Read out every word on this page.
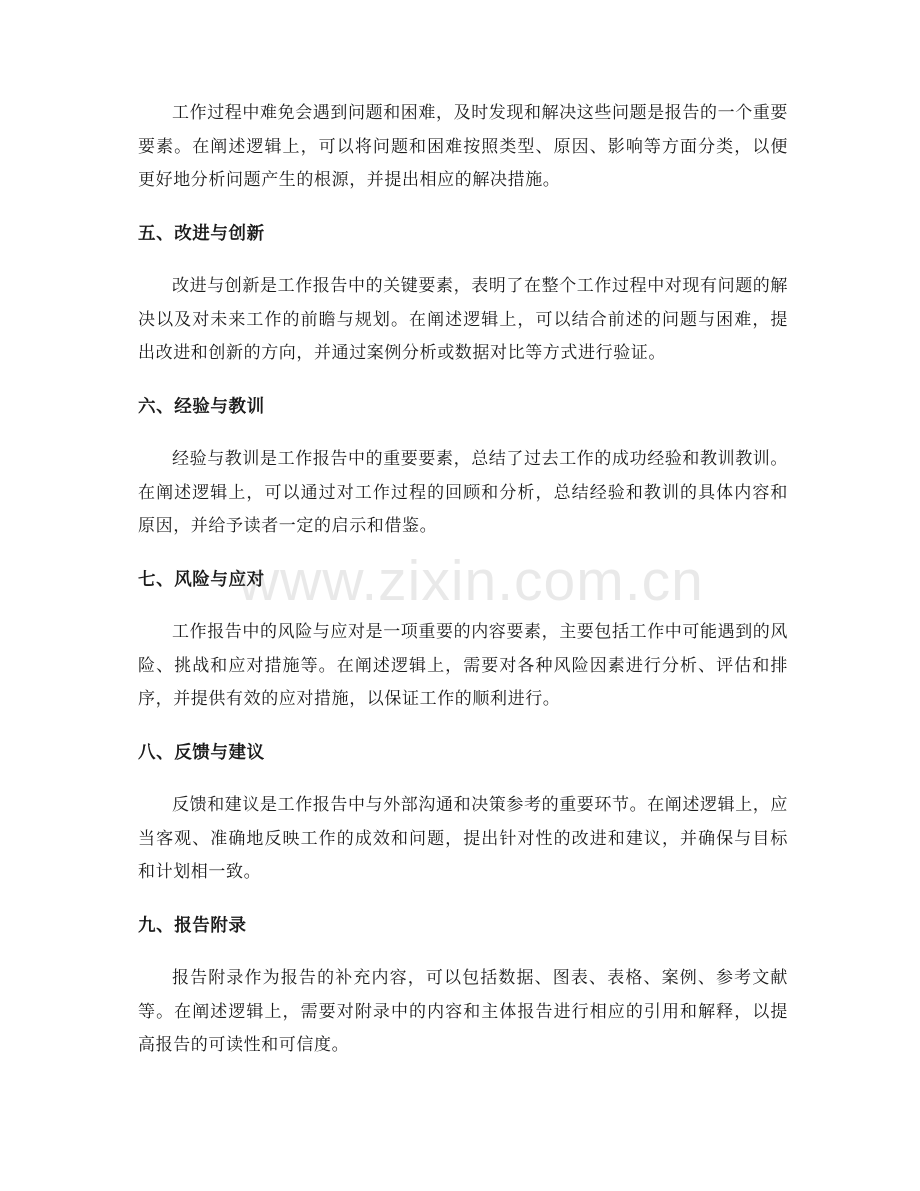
工作过程中难免会遇到问题和困难，及时发现和解决这些问题是报告的一个重要要素。在阐述逻辑上，可以将问题和困难按照类型、原因、影响等方面分类，以便更好地分析问题产生的根源，并提出相应的解决措施。

五、改进与创新

改进与创新是工作报告中的关键要素，表明了在整个工作过程中对现有问题的解决以及对未来工作的前瞻与规划。在阐述逻辑上，可以结合前述的问题与困难，提出改进和创新的方向，并通过案例分析或数据对比等方式进行验证。

六、经验与教训

经验与教训是工作报告中的重要要素，总结了过去工作的成功经验和教训教训。在阐述逻辑上，可以通过对工作过程的回顾和分析，总结经验和教训的具体内容和原因，并给予读者一定的启示和借鉴。

七、风险与应对

工作报告中的风险与应对是一项重要的内容要素，主要包括工作中可能遇到的风险、挑战和应对措施等。在阐述逻辑上，需要对各种风险因素进行分析、评估和排序，并提供有效的应对措施，以保证工作的顺利进行。

八、反馈与建议

反馈和建议是工作报告中与外部沟通和决策参考的重要环节。在阐述逻辑上，应当客观、准确地反映工作的成效和问题，提出针对性的改进和建议，并确保与目标和计划相一致。

九、报告附录

报告附录作为报告的补充内容，可以包括数据、图表、表格、案例、参考文献等。在阐述逻辑上，需要对附录中的内容和主体报告进行相应的引用和解释，以提高报告的可读性和可信度。

www.zixin.com.cn
